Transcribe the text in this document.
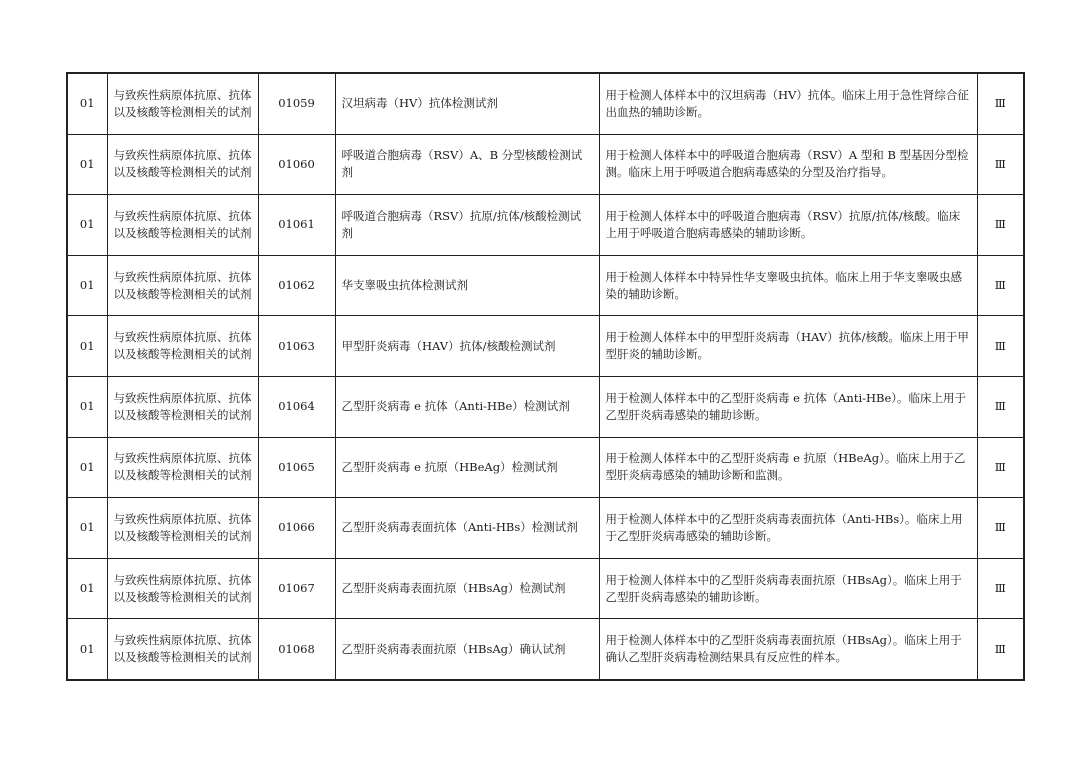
01	与致疾性病原体抗原、抗体以及核酸等检测相关的试剂	01059	汉坦病毒（HV）抗体检测试剂	用于检测人体样本中的汉坦病毒（HV）抗体。临床上用于急性肾综合征出血热的辅助诊断。	Ⅲ
01	与致疾性病原体抗原、抗体以及核酸等检测相关的试剂	01060	呼吸道合胞病毒（RSV）A、B 分型核酸检测试剂	用于检测人体样本中的呼吸道合胞病毒（RSV）A 型和 B 型基因分型检测。临床上用于呼吸道合胞病毒感染的分型及治疗指导。	Ⅲ
01	与致疾性病原体抗原、抗体以及核酸等检测相关的试剂	01061	呼吸道合胞病毒（RSV）抗原/抗体/核酸检测试剂	用于检测人体样本中的呼吸道合胞病毒（RSV）抗原/抗体/核酸。临床上用于呼吸道合胞病毒感染的辅助诊断。	Ⅲ
01	与致疾性病原体抗原、抗体以及核酸等检测相关的试剂	01062	华支睾吸虫抗体检测试剂	用于检测人体样本中特异性华支睾吸虫抗体。临床上用于华支睾吸虫感染的辅助诊断。	Ⅲ
01	与致疾性病原体抗原、抗体以及核酸等检测相关的试剂	01063	甲型肝炎病毒（HAV）抗体/核酸检测试剂	用于检测人体样本中的甲型肝炎病毒（HAV）抗体/核酸。临床上用于甲型肝炎的辅助诊断。	Ⅲ
01	与致疾性病原体抗原、抗体以及核酸等检测相关的试剂	01064	乙型肝炎病毒 e 抗体（Anti-HBe）检测试剂	用于检测人体样本中的乙型肝炎病毒 e 抗体（Anti-HBe）。临床上用于乙型肝炎病毒感染的辅助诊断。	Ⅲ
01	与致疾性病原体抗原、抗体以及核酸等检测相关的试剂	01065	乙型肝炎病毒 e 抗原（HBeAg）检测试剂	用于检测人体样本中的乙型肝炎病毒 e 抗原（HBeAg）。临床上用于乙型肝炎病毒感染的辅助诊断和监测。	Ⅲ
01	与致疾性病原体抗原、抗体以及核酸等检测相关的试剂	01066	乙型肝炎病毒表面抗体（Anti-HBs）检测试剂	用于检测人体样本中的乙型肝炎病毒表面抗体（Anti-HBs）。临床上用于乙型肝炎病毒感染的辅助诊断。	Ⅲ
01	与致疾性病原体抗原、抗体以及核酸等检测相关的试剂	01067	乙型肝炎病毒表面抗原（HBsAg）检测试剂	用于检测人体样本中的乙型肝炎病毒表面抗原（HBsAg）。临床上用于乙型肝炎病毒感染的辅助诊断。	Ⅲ
01	与致疾性病原体抗原、抗体以及核酸等检测相关的试剂	01068	乙型肝炎病毒表面抗原（HBsAg）确认试剂	用于检测人体样本中的乙型肝炎病毒表面抗原（HBsAg）。临床上用于确认乙型肝炎病毒检测结果具有反应性的样本。	Ⅲ
